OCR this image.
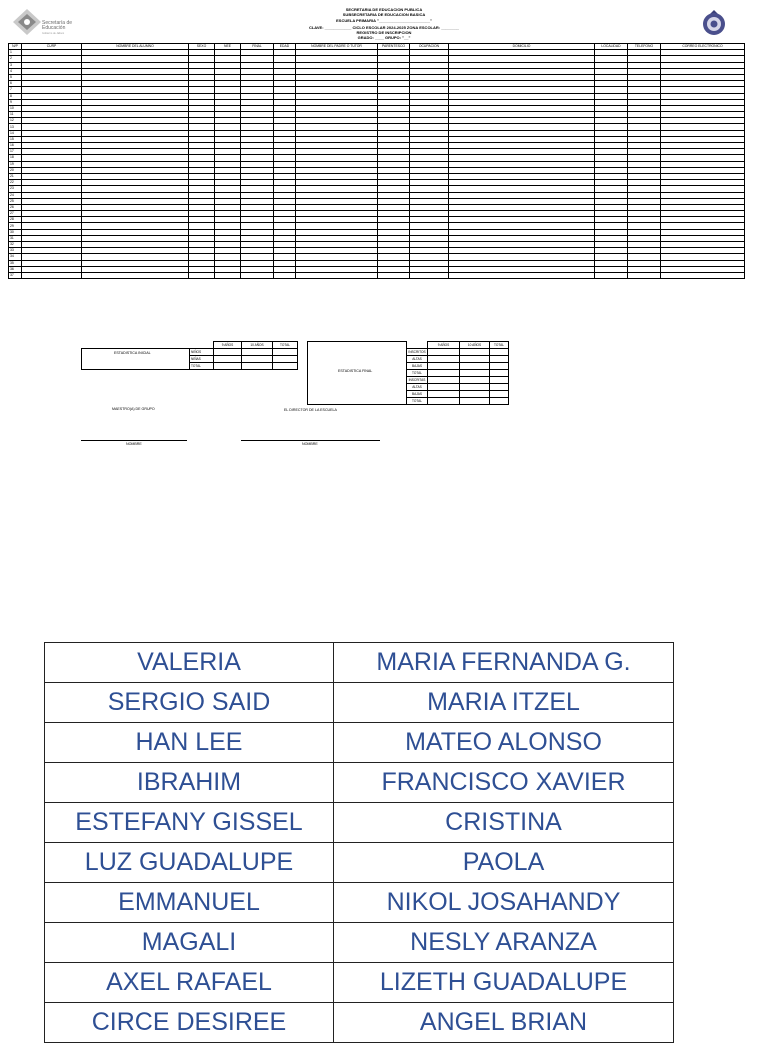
Secretaría de Educación
Gobierno de Jalisco
SECRETARIA DE EDUCACION PUBLICA
SUBSECRETARIA DE EDUCACION BASICA
ESCUELA PRIMARIA "_______________________"
CLAVE: ____________ CICLO ESCOLAR 2024-2025 ZONA ESCOLAR: ________
REGISTRO DE INSCRIPCION
GRADO: ____ GRUPO: "__"
N/P	CURP	NOMBRE DEL ALUMNO	SEXO	NEE	FINAL	EDAD	NOMBRE DEL PADRE O TUTOR	PARENTESCO	OCUPACION	DOMICILIO	LOCALIDAD	TELEFONO	CORREO ELECTRONICO
1													
2													
3													
4													
5													
6													
7													
8													
9													
10													
11													
12													
13													
14													
15													
16													
17													
18													
19													
20													
21													
22													
23													
24													
25													
26													
27													
28													
29													
30													
31													
32													
33													
34													
35													
36													
37													
ESTADISTICA INICIAL
		9 AÑOS	10 AÑOS	TOTAL
	NIÑOS			
	NIÑAS			
	TOTAL			
ESTADISTICA FINAL
		9 AÑOS	10 AÑOS	TOTAL
	INSCRITOS			
	ALTAS			
	BAJAS			
	TOTAL			
	INSCRITAS			
	ALTAS			
	BAJAS			
	TOTAL			
MAESTRO(A) DE GRUPO	EL DIRECTOR DE LA ESCUELA
NOMBRE	NOMBRE
VALERIA	MARIA FERNANDA G.
SERGIO SAID	MARIA ITZEL
HAN LEE	MATEO ALONSO
IBRAHIM	FRANCISCO XAVIER
ESTEFANY GISSEL	CRISTINA
LUZ GUADALUPE	PAOLA
EMMANUEL	NIKOL JOSAHANDY
MAGALI	NESLY ARANZA
AXEL RAFAEL	LIZETH GUADALUPE
CIRCE DESIREE	ANGEL BRIAN
